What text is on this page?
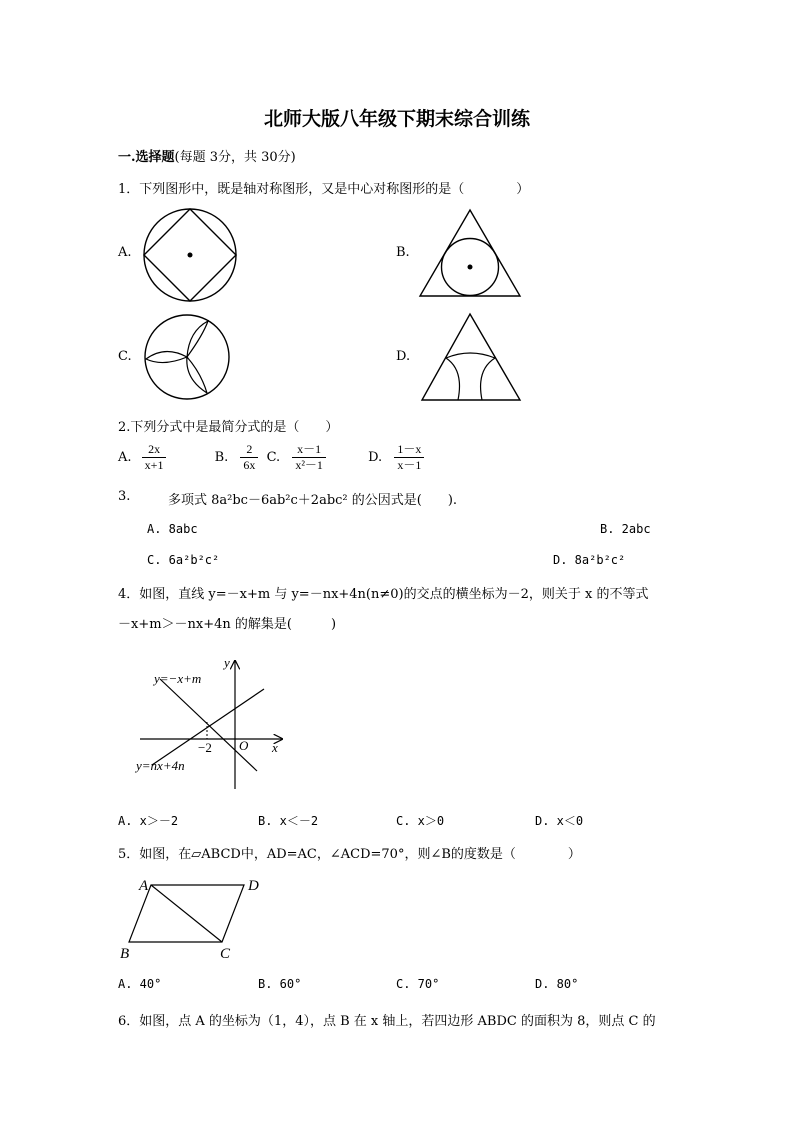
北师大版八年级下期末综合训练
一.选择题(每题 3分，共 30分)
1．下列图形中，既是轴对称图形，又是中心对称图形的是（　　　　）
A.	B.
C.	D.
2.下列分式中是最简分式的是（　　）
A. $\frac{2x}{x+1}$	B. $\frac{2}{6x} C$. $\frac{x-1}{\text{x²－1}}$	D. $\frac{1-x}{x-1}$
3.	多项式 8a²bc－6ab²c＋2abc² 的公因式是(　　).
A. 8abc	B. 2abc
C. 6a²b²c²	D. 8a²b²c²
4．如图，直线 y=－x+m 与 y=－nx+4n(n≠0)的交点的横坐标为－2，则关于 x 的不等式
－x+m＞－nx+4n 的解集是(　　　)
y=−x+m
y=nx+4n
y
x
O
−2
A. x＞－2	B. x＜－2	C. x＞0	D. x＜0
5．如图，在▱ABCD中，AD=AC，∠ACD=70°，则∠B的度数是（　　　　）
A	D
B	C
A. 40°	B. 60°	C. 70°	D. 80°
6．如图，点 A 的坐标为（1，4），点 B 在 x 轴上，若四边形 ABDC 的面积为 8，则点 C 的
